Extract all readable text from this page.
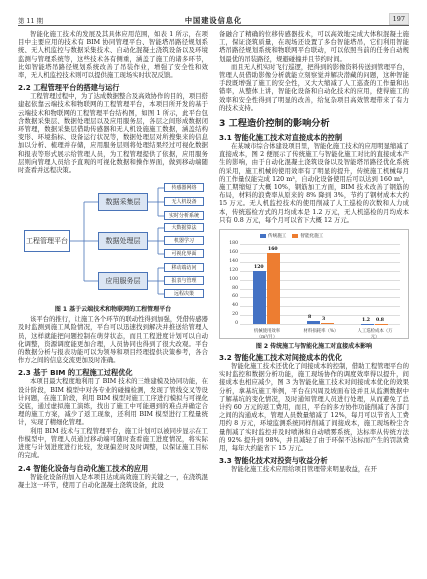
第 11 期	中国建设信息化	197

智能化施工技术的发展及其具体应用范围，如表 1 所示，在项目中主要应用的技术有 BIM 协同管理平台、智能塔吊路径规划系统、无人机监控与数据采集技术、自动化混凝土浇筑设备以及环境监测与管理系统等，这些技术各有侧重，涵盖了施工的诸多环节，比如智能塔吊路径规划系统改善了吊装作业，增强了安全性和效率，无人机监控技术则可以提供施工现场实时状况反馈。

2.2 工程管理平台的搭建与运行

工程管理过程中，为了达成数据整合及高效协作的目的，项目搭建起依靠云端技术和物联网的工程管理平台，本项目所开发的基于云端技术和物联网的工程管理平台结构图，如图 1 所示，此平台包含数据采集层、数据处理层以及应用服务层，各层之间形成数据闭环管理，数据采集层借助传感器和无人机设施施工数据，涵盖结构变形、环境指标、设备运行状况等，数据处理层对所搜集来的信息加以分析、梳理并存储，应用服务层则将处理结果经过可视化数据和报表等形式展示给管理人员，为工程管理提供了依据，应用服务层则向管理人员给予直观的可视化数据和操作界面，做到移动端随时查看并远程决策。

工程管理平台
数据采集层
数据处理层
应用服务层
传感器网络
无人机设备
实时分析系统
大数据算法
机器学习
可视化界面
移动端访问
报表与管理
远程决策
图 1 基于云端技术和物联网的工程管理平台

该平台的推行，让施工各个环节的联动性得到加强，凭借传感器及时监测到施工风险情况，平台可以迅速找到解决并推送给管理人员，这样就能把问题控制在萌芽状态，而且工程进度计划可以自动化调整，资源调度能更加合理，人员协同也得到了很大改观。平台的数据分析与报表功能可以为领导和项目经理提供决策参考，各合作方之间的信息交流更加及时准确。

2.3 基于 BIM 的工程施工过程优化

本项目最大程度地利用了 BIM 技术的三维建模及协同功能，在设计阶段，BIM 模型中对各专业的碰撞检测，发现了管线交叉等设计问题，在施工阶段，利用 BIM 模型对施工工序进行模拟与可视化交底，通过虚拟施工演练，找出了施工中可能遇到的难点并确定合理的施工方案，减少了返工现象，还利用 BIM 模型进行工程量统计，实现了精细化管理。

利用 BIM 技术与工程管理平台，施工计划可以被同步显示在工作模型中，管理人员通过移动端可随时查看施工进度情况，将实际进度与计划进度进行比较，发现偏差时及时调整，以保证施工目标的完成。

2.4 智能化设备与自动化施工技术的应用

智能化设备的加入是本项目达成高效施工的关键之一，在浇筑混凝土这一环节，使用了自动化混凝土浇筑设备，此设

备融合了精确的位移传感器技术，可以高效地完成大体积混凝土施工，保证浇筑质量，在现场还设置了多台智能塔吊，它们利用智能塔吊路径规划系统和物联网平台联动，可以依照当前的任务自动规划最优的吊装路径，规避碰撞并且节约时间。

而且无人机实时飞行巡逻，把得到的影像资料传送到管理平台，管理人员借助影像分析就能立刻察觉并解决潜藏的问题，这种智能手段既增强了施工的安全性，又大大缩减了人工巡查的工作量和出错率，从整体上讲，智能化设备和自动化技术的应用，使得施工的效率和安全性得到了明显的改善，给复杂项目高效管理带来了有力的技术支持。

3 工程造价控制的影响分析
3.1 智能化施工技术对直接成本的控制

在某城市综合体建设项目里，智能化施工技术的应用明显缩减了直接成本，图 2 便展示了传统施工与智能化施工对比的直接成本产生的影响，由于自动化混凝土浇筑设备以及智能塔吊路径优化系统的采用，施工机械的使用效率有了明显的提升，传统施工机械每月的工作量仅能完成 120 m³，自动化设备使用后可以达到 160 m³，施工期缩短了大概 10%，钢筋加工方面，BIM 技术改善了钢筋的布局，材料的浪费率从原来的 8% 降到 3%，节约了钢材成本大约 15 万元。无人机监控技术的使用削减了人工巡检的次数和人力成本，传统巡检方式的月均成本是 1.2 万元，无人机巡检的月均成本只有 0.8 万元，每个月可以省下大概 12 万元。

传统施工	智能化施工
0
20
40
60
80
100
120
140
160
180
120
160
机械使用效率（m³/月）
8 3
材料损耗率（%）
1.2 0.8
人工巡检成本（万元）
图 2 传统施工与智能化施工对直接成本影响
3.2 智能化施工技术对间接成本的优化

智能化施工技术还优化了间接成本的控制，借助工程管理平台的实时监控和数据分析功能，施工现场协作的调度效率得以提升，间接成本也相应减少，图 3 为智能化施工技术对间接成本优化的效果分析，拿基坑施工举例，平台在四周及坡面布设并且从监测数据中了解基坑的变化情况，及时通知管理人员进行处理，从而避免了总计约 60 万元的返工费用，而且，平台的多方协作功能削减了各部门之间的沟通成本，管理人员数量缩减了 12%，每月可以节省人工费用约 8 万元，环境监测系统同样削减了间接成本，施工现场粉尘含量削减了实时监控并及时喷淋和自动喷雾系统，达标率从传统方法的 92% 提升到 98%，并且减轻了由于环保不达标而产生的罚款费用，每年大约能省下 15 万元。

3.3 智能化技术对投资与收益分析

智能化施工技术应用给项目管理带来明显收益，在开
